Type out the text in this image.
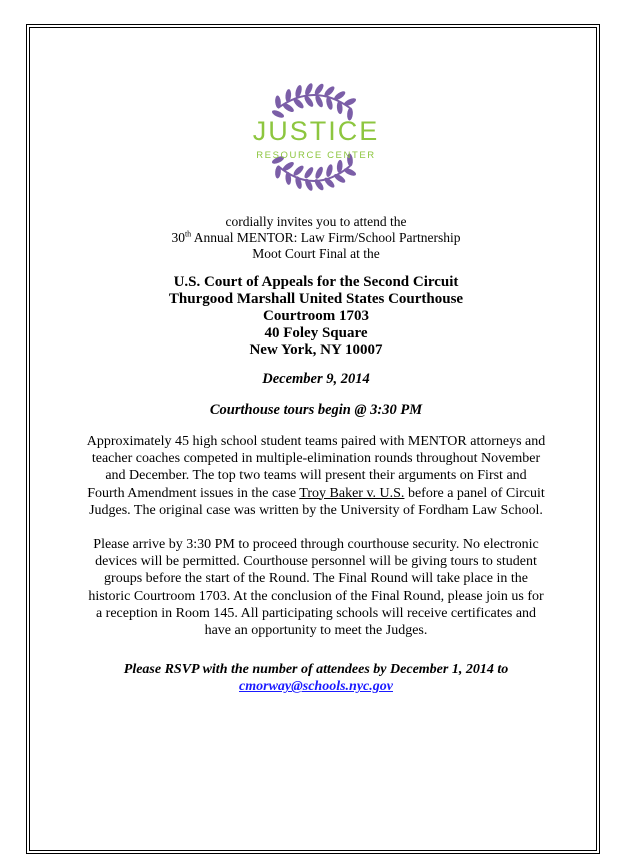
JUSTICE
RESOURCE CENTER
cordially invites you to attend the
30th Annual MENTOR: Law Firm/School Partnership
Moot Court Final at the
U.S. Court of Appeals for the Second Circuit
Thurgood Marshall United States Courthouse
Courtroom 1703
40 Foley Square
New York, NY 10007
December 9, 2014
Courthouse tours begin @ 3:30 PM
Approximately 45 high school student teams paired with MENTOR attorneys and teacher coaches competed in multiple-elimination rounds throughout November and December. The top two teams will present their arguments on First and Fourth Amendment issues in the case Troy Baker v. U.S. before a panel of Circuit Judges. The original case was written by the University of Fordham Law School.
Please arrive by 3:30 PM to proceed through courthouse security. No electronic devices will be permitted. Courthouse personnel will be giving tours to student groups before the start of the Round. The Final Round will take place in the historic Courtroom 1703. At the conclusion of the Final Round, please join us for a reception in Room 145. All participating schools will receive certificates and have an opportunity to meet the Judges.
Please RSVP with the number of attendees by December 1, 2014 to
cmorway@schools.nyc.gov
